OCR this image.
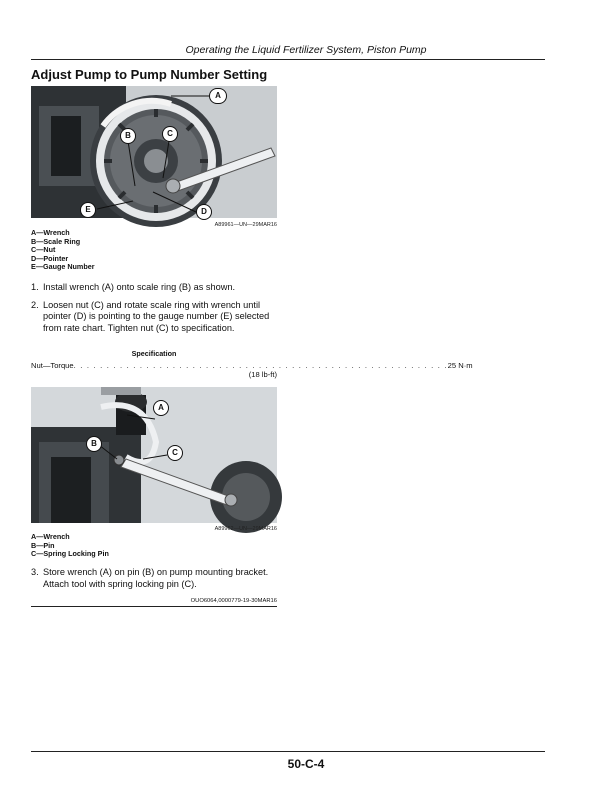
Operating the Liquid Fertilizer System, Piston Pump
Adjust Pump to Pump Number Setting
A
B	C
D
E
A89961—UN—29MAR16
A—Wrench
B—Scale Ring
C—Nut
D—Pointer
E—Gauge Number
1. Install wrench (A) onto scale ring (B) as shown.
2. Loosen nut (C) and rotate scale ring with wrench until pointer (D) is pointing to the gauge number (E) selected from rate chart. Tighten nut (C) to specification.
Specification
Nut—Torque . . . . . . . . . . . . . . . . . . . . . . . . . . . . . . . . . . . . . . . . . . . . . . . . . . . . . . . . . 25 N·m
(18 lb-ft)
A
B
C
A89962—UN—29MAR16
A—Wrench
B—Pin
C—Spring Locking Pin
3. Store wrench (A) on pin (B) on pump mounting bracket. Attach tool with spring locking pin (C).
OUO6064,0000779-19-30MAR16
50-C-4
